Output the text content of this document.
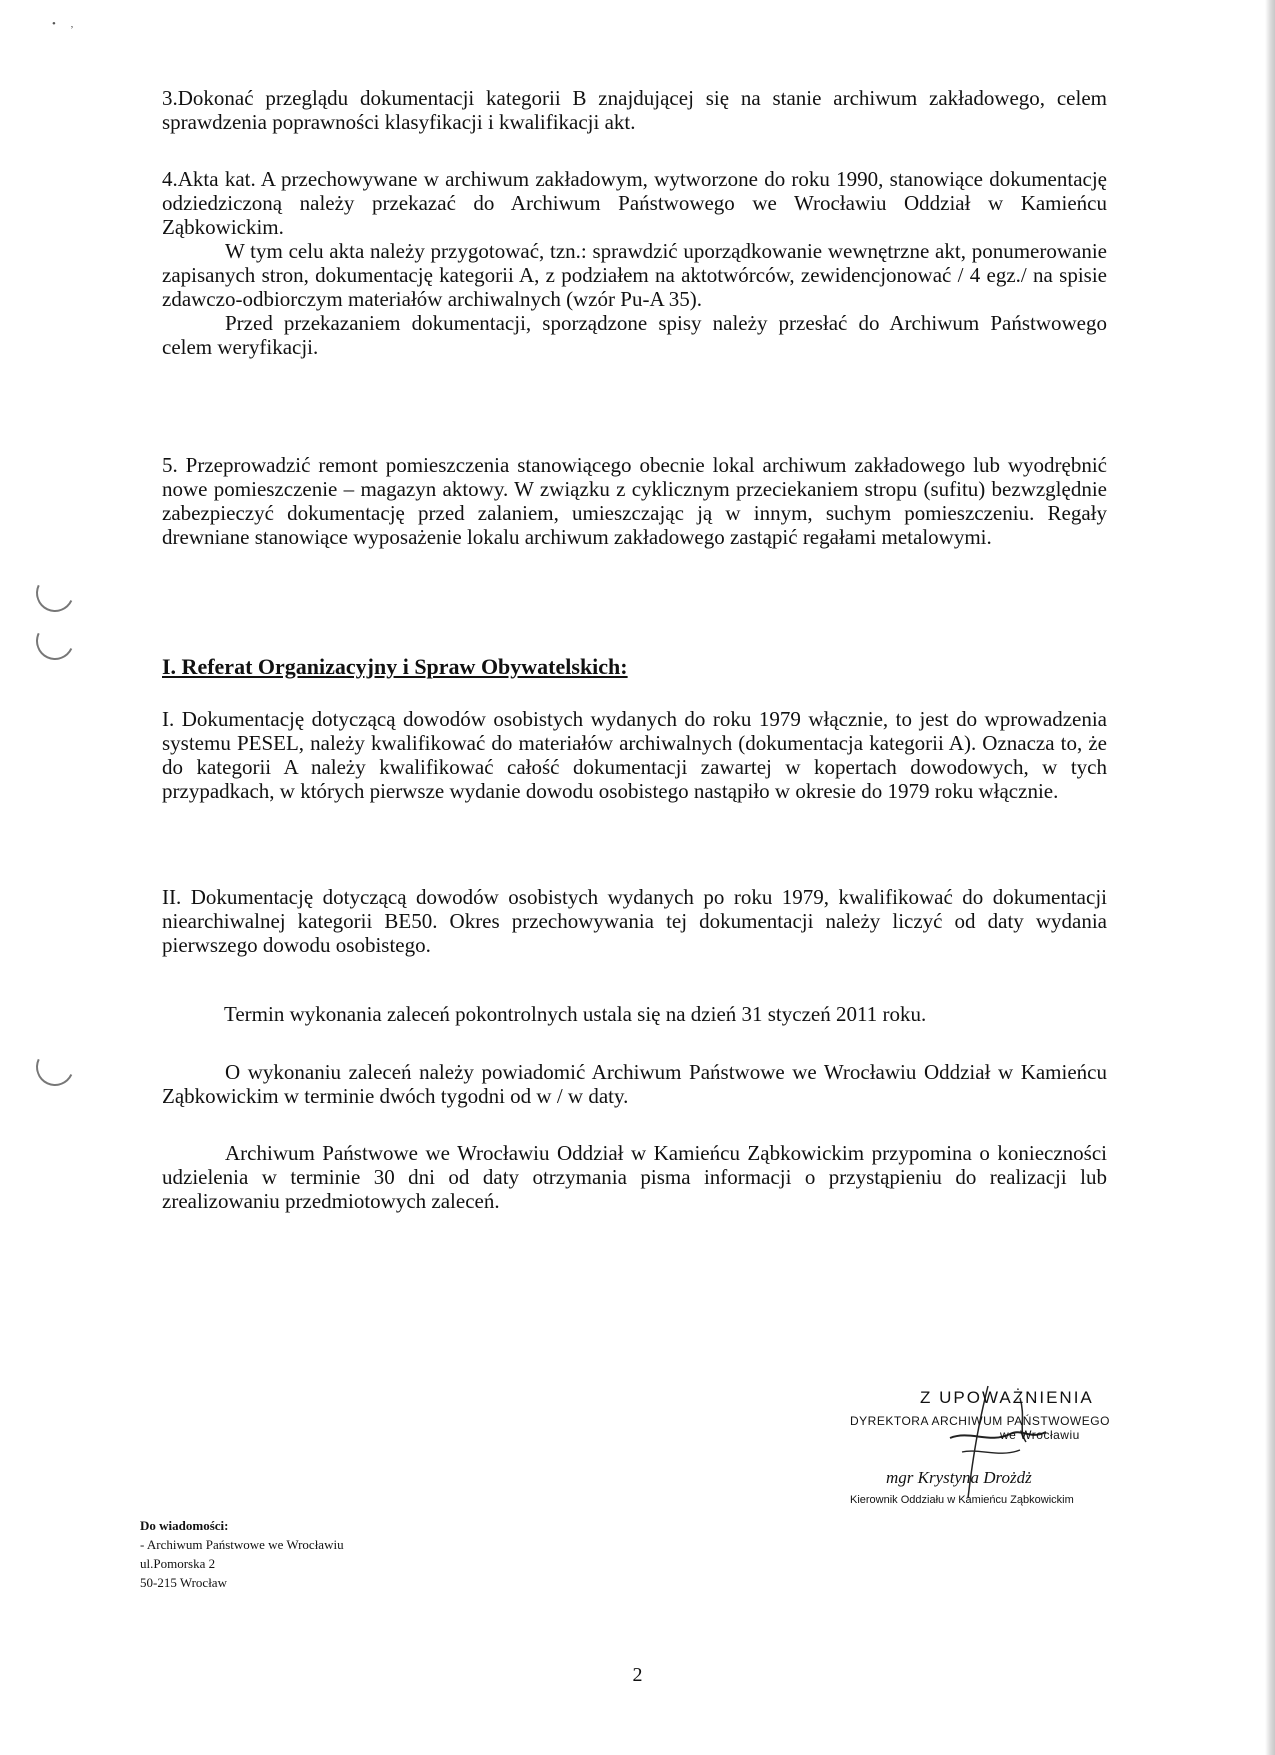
• ,

3.Dokonać przeglądu dokumentacji kategorii B znajdującej się na stanie archiwum zakładowego, celem sprawdzenia poprawności klasyfikacji i kwalifikacji akt.

4.Akta kat. A przechowywane w archiwum zakładowym, wytworzone do roku 1990, stanowiące dokumentację odziedziczoną należy przekazać do Archiwum Państwowego we Wrocławiu Oddział w Kamieńcu Ząbkowickim.

W tym celu akta należy przygotować, tzn.: sprawdzić uporządkowanie wewnętrzne akt, ponumerowanie zapisanych stron, dokumentację kategorii A, z podziałem na aktotwórców, zewidencjonować / 4 egz./ na spisie zdawczo-odbiorczym materiałów archiwalnych (wzór Pu-A 35).

Przed przekazaniem dokumentacji, sporządzone spisy należy przesłać do Archiwum Państwowego celem weryfikacji.

5. Przeprowadzić remont pomieszczenia stanowiącego obecnie lokal archiwum zakładowego lub wyodrębnić nowe pomieszczenie – magazyn aktowy. W związku z cyklicznym przeciekaniem stropu (sufitu) bezwzględnie zabezpieczyć dokumentację przed zalaniem, umieszczając ją w innym, suchym pomieszczeniu. Regały drewniane stanowiące wyposażenie lokalu archiwum zakładowego zastąpić regałami metalowymi.

I. Referat Organizacyjny i Spraw Obywatelskich:

I. Dokumentację dotyczącą dowodów osobistych wydanych do roku 1979 włącznie, to jest do wprowadzenia systemu PESEL, należy kwalifikować do materiałów archiwalnych (dokumentacja kategorii A). Oznacza to, że do kategorii A należy kwalifikować całość dokumentacji zawartej w kopertach dowodowych, w tych przypadkach, w których pierwsze wydanie dowodu osobistego nastąpiło w okresie do 1979 roku włącznie.

II. Dokumentację dotyczącą dowodów osobistych wydanych po roku 1979, kwalifikować do dokumentacji niearchiwalnej kategorii BE50. Okres przechowywania tej dokumentacji należy liczyć od daty wydania pierwszego dowodu osobistego.

Termin wykonania zaleceń pokontrolnych ustala się na dzień 31 styczeń 2011 roku.

O wykonaniu zaleceń należy powiadomić Archiwum Państwowe we Wrocławiu Oddział w Kamieńcu Ząbkowickim w terminie dwóch tygodni od w / w daty.

Archiwum Państwowe we Wrocławiu Oddział w Kamieńcu Ząbkowickim przypomina o konieczności udzielenia w terminie 30 dni od daty otrzymania pisma informacji o przystąpieniu do realizacji lub zrealizowaniu przedmiotowych zaleceń.

Z UPOWAŻNIENIA
DYREKTORA ARCHIWUM PAŃSTWOWEGO
we Wrocławiu
mgr Krystyna Drożdż
Kierownik Oddziału w Kamieńcu Ząbkowickim
Do wiadomości:
- Archiwum Państwowe we Wrocławiu
ul.Pomorska 2
50-215 Wrocław
2
